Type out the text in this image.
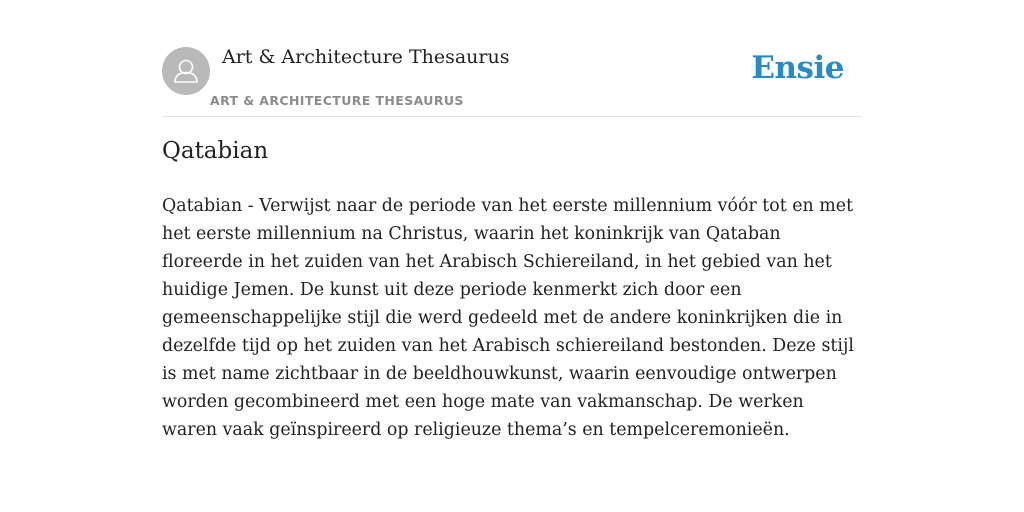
Art & Architecture Thesaurus
ART & ARCHITECTURE THESAURUS
Ensie
Qatabian

Qatabian - Verwijst naar de periode van het eerste millennium vóór tot en met het eerste millennium na Christus, waarin het koninkrijk van Qataban floreerde in het zuiden van het Arabisch Schiereiland, in het gebied van het huidige Jemen. De kunst uit deze periode kenmerkt zich door een gemeenschappelijke stijl die werd gedeeld met de andere koninkrijken die in dezelfde tijd op het zuiden van het Arabisch schiereiland bestonden. Deze stijl is met name zichtbaar in de beeldhouwkunst, waarin eenvoudige ontwerpen worden gecombineerd met een hoge mate van vakmanschap. De werken waren vaak geïnspireerd op religieuze thema’s en tempelceremonieën.
